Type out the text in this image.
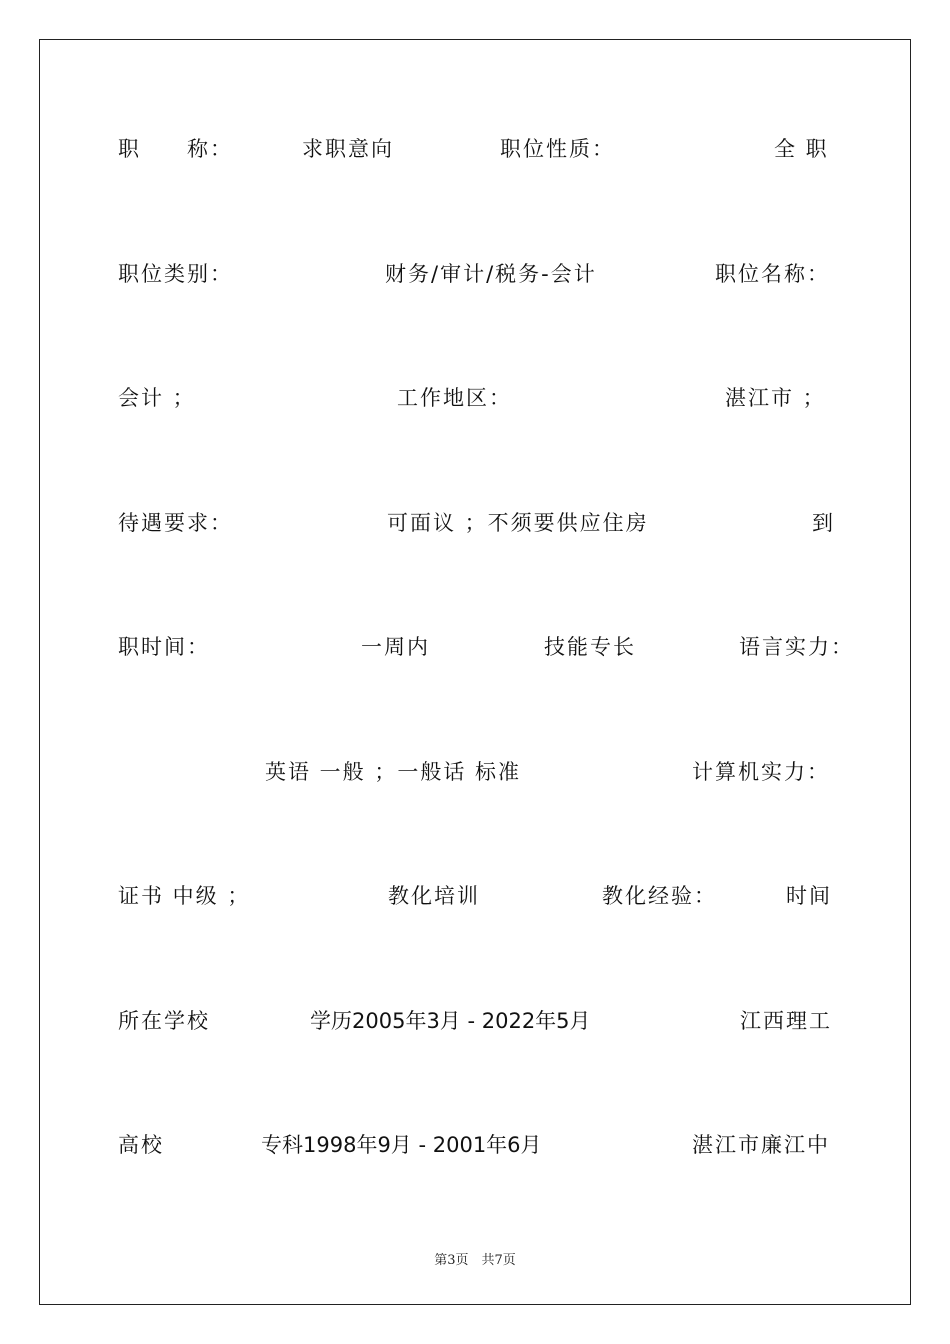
职　　称：	求职意向	职位性质：	全 职
职位类别：	财务/审计/税务-会计	职位名称：
会计 ；	工作地区：	湛江市 ；
待遇要求：	可面议 ；不须要供应住房	到
职时间：	一周内	技能专长	语言实力：
英语 一般 ；一般话 标准	计算机实力：
证书 中级 ；	教化培训	教化经验：	时间
所在学校	学历2005年3月 - 2022年5月	江西理工
高校	专科1998年9月 - 2001年6月	湛江市廉江中
第3页　共7页
